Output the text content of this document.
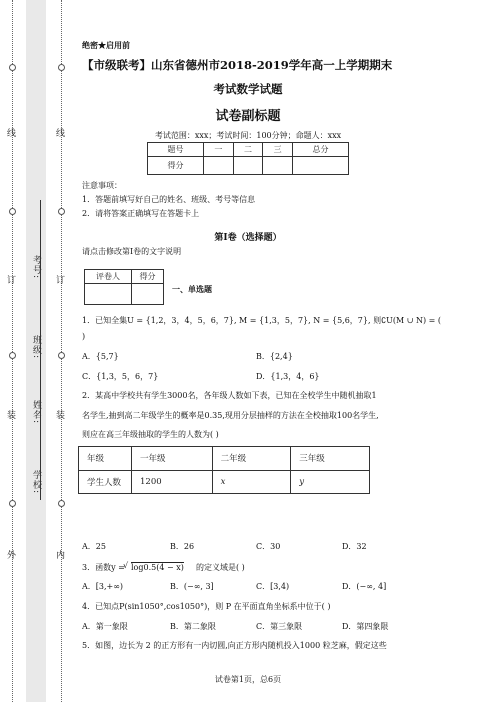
外
装
订
线
内
装
订
线
学校:
姓名:
班级:
考号:
绝密★启用前
【市级联考】山东省德州市2018-2019学年高一上学期期末
考试数学试题
试卷副标题
考试范围：xxx；考试时间：100分钟；命题人：xxx
题号	一	二	三	总分
得分				
注意事项：
1．答题前填写好自己的姓名、班级、考号等信息
2．请将答案正确填写在答题卡上
第I卷（选择题）
请点击修改第I卷的文字说明
评卷人	得分

一、单选题
1．已知全集U = {1,2，3，4，5，6，7}, M = {1,3，5，7}, N = {5,6，7}, 则∁U(M ∪ N) = (
)
A．{5,7}	B．{2,4}
C．{1,3，5，6，7}	D．{1,3，4，6}
2．某高中学校共有学生3000名，各年级人数如下表，已知在全校学生中随机抽取1
名学生,抽到高二年级学生的概率是0.35,现用分层抽样的方法在全校抽取100名学生,
则应在高三年级抽取的学生的人数为( )
年级	一年级	二年级	三年级
学生人数	1200	x	y
A．25	B．26	C．30	D．32
3．函数y =
√ log0.5(4 − x) 的定义域是( )
A．[3,+∞)	B．(−∞, 3]	C．[3,4)	D．(−∞, 4]
4．已知点P(sin1050°,cos1050°)，则 P 在平面直角坐标系中位于( )
A．第一象限	B．第二象限	C．第三象限	D．第四象限
5．如图，边长为 2 的正方形有一内切圆,向正方形内随机投入1000 粒芝麻，假定这些
试卷第1页，总6页
